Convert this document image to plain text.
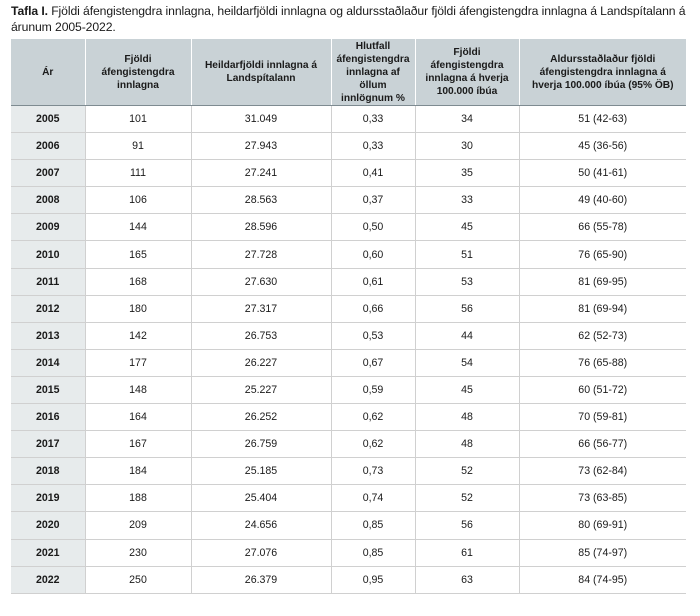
Tafla I. Fjöldi áfengistengdra innlagna, heildarfjöldi innlagna og aldursstaðlaður fjöldi áfengistengdra innlagna á Landspítalann á árunum 2005-2022.
Ár	Fjöldi áfengistengdra innlagna	Heildarfjöldi innlagna á Landspítalann	Hlutfall áfengistengdra innlagna af öllum innlögnum %	Fjöldi áfengistengdra innlagna á hverja 100.000 íbúa	Aldursstaðlaður fjöldi áfengistengdra innlagna á hverja 100.000 íbúa (95% ÖB)
2005	101	31.049	0,33	34	51 (42-63)
2006	91	27.943	0,33	30	45 (36-56)
2007	111	27.241	0,41	35	50 (41-61)
2008	106	28.563	0,37	33	49 (40-60)
2009	144	28.596	0,50	45	66 (55-78)
2010	165	27.728	0,60	51	76 (65-90)
2011	168	27.630	0,61	53	81 (69-95)
2012	180	27.317	0,66	56	81 (69-94)
2013	142	26.753	0,53	44	62 (52-73)
2014	177	26.227	0,67	54	76 (65-88)
2015	148	25.227	0,59	45	60 (51-72)
2016	164	26.252	0,62	48	70 (59-81)
2017	167	26.759	0,62	48	66 (56-77)
2018	184	25.185	0,73	52	73 (62-84)
2019	188	25.404	0,74	52	73 (63-85)
2020	209	24.656	0,85	56	80 (69-91)
2021	230	27.076	0,85	61	85 (74-97)
2022	250	26.379	0,95	63	84 (74-95)
